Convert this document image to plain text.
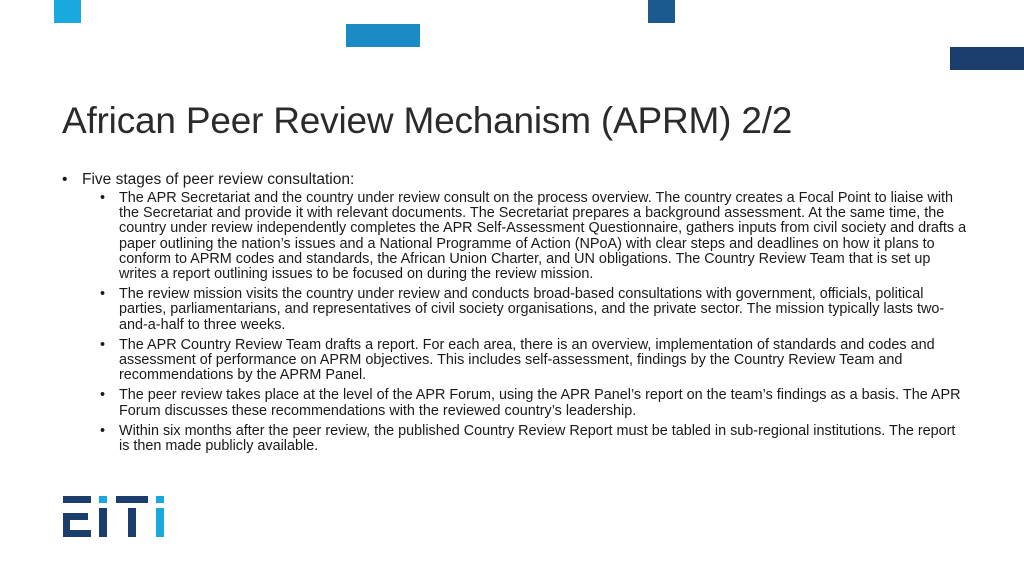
African Peer Review Mechanism (APRM) 2/2
• Five stages of peer review consultation:
• The APR Secretariat and the country under review consult on the process overview. The country creates a Focal Point to liaise with the Secretariat and provide it with relevant documents. The Secretariat prepares a background assessment. At the same time, the country under review independently completes the APR Self-Assessment Questionnaire, gathers inputs from civil society and drafts a paper outlining the nation’s issues and a National Programme of Action (NPoA) with clear steps and deadlines on how it plans to conform to APRM codes and standards, the African Union Charter, and UN obligations. The Country Review Team that is set up writes a report outlining issues to be focused on during the review mission.
• The review mission visits the country under review and conducts broad-based consultations with government, officials, political parties, parliamentarians, and representatives of civil society organisations, and the private sector. The mission typically lasts two-and-a-half to three weeks.
• The APR Country Review Team drafts a report. For each area, there is an overview, implementation of standards and codes and assessment of performance on APRM objectives. This includes self-assessment, findings by the Country Review Team and recommendations by the APRM Panel.
• The peer review takes place at the level of the APR Forum, using the APR Panel’s report on the team’s findings as a basis. The APR Forum discusses these recommendations with the reviewed country’s leadership.
• Within six months after the peer review, the published Country Review Report must be tabled in sub-regional institutions. The report is then made publicly available.
